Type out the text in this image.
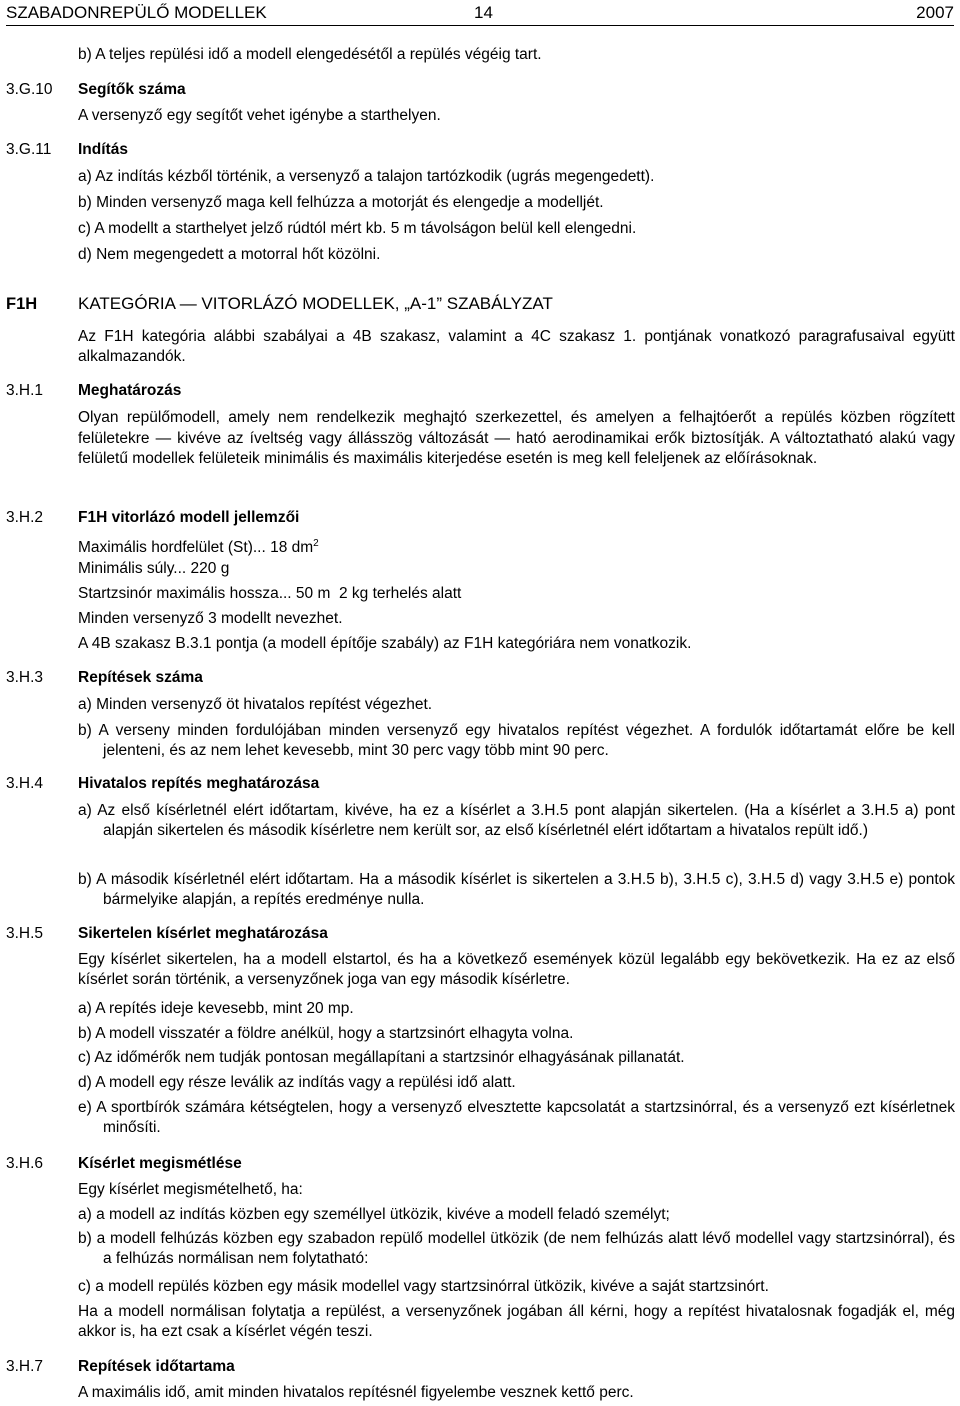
SZABADONREPÜLŐ MODELLEK	14	2007
b) A teljes repülési idő a modell elengedésétől a repülés végéig tart.
3.G.10 Segítők száma
A versenyző egy segítőt vehet igénybe a starthelyen.
3.G.11 Indítás
a) Az indítás kézből történik, a versenyző a talajon tartózkodik (ugrás megengedett).
b) Minden versenyző maga kell felhúzza a motorját és elengedje a modelljét.
c) A modellt a starthelyet jelző rúdtól mért kb. 5 m távolságon belül kell elengedni.
d) Nem megengedett a motorral hőt közölni.
F1H KATEGÓRIA — VITORLÁZÓ MODELLEK, „A-1” SZABÁLYZAT
Az F1H kategória alábbi szabályai a 4B szakasz, valamint a 4C szakasz 1. pontjának vonatkozó paragrafusaival együtt alkalmazandók.
3.H.1 Meghatározás
Olyan repülőmodell, amely nem rendelkezik meghajtó szerkezettel, és amelyen a felhajtóerőt a repülés közben rögzített felületekre — kivéve az íveltség vagy állásszög változását — ható aerodinamikai erők biztosítják. A változtatható alakú vagy felületű modellek felületeik minimális és maximális kiterjedése esetén is meg kell feleljenek az előírásoknak.
3.H.2 F1H vitorlázó modell jellemzői
Maximális hordfelület (St)... 18 $dm^2$
Minimális súly... 220 g
Startzsinór maximális hossza... 50 m  2 kg terhelés alatt
Minden versenyző 3 modellt nevezhet.
A 4B szakasz B.3.1 pontja (a modell építője szabály) az F1H kategóriára nem vonatkozik.
3.H.3 Repítések száma
a) Minden versenyző öt hivatalos repítést végezhet.
b) A verseny minden fordulójában minden versenyző egy hivatalos repítést végezhet. A fordulók időtartamát előre be kell jelenteni, és az nem lehet kevesebb, mint 30 perc vagy több mint 90 perc.
3.H.4 Hivatalos repítés meghatározása
a) Az első kísérletnél elért időtartam, kivéve, ha ez a kísérlet a 3.H.5 pont alapján sikertelen. (Ha a kísérlet a 3.H.5 a) pont alapján sikertelen és második kísérletre nem került sor, az első kísérletnél elért időtartam a hivatalos repült idő.)
b) A második kísérletnél elért időtartam. Ha a második kísérlet is sikertelen a 3.H.5 b), 3.H.5 c), 3.H.5 d) vagy 3.H.5 e) pontok bármelyike alapján, a repítés eredménye nulla.
3.H.5 Sikertelen kísérlet meghatározása
Egy kísérlet sikertelen, ha a modell elstartol, és ha a következő események közül legalább egy bekövetkezik. Ha ez az első kísérlet során történik, a versenyzőnek joga van egy második kísérletre.
a) A repítés ideje kevesebb, mint 20 mp.
b) A modell visszatér a földre anélkül, hogy a startzsinórt elhagyta volna.
c) Az időmérők nem tudják pontosan megállapítani a startzsinór elhagyásának pillanatát.
d) A modell egy része leválik az indítás vagy a repülési idő alatt.
e) A sportbírók számára kétségtelen, hogy a versenyző elvesztette kapcsolatát a startzsinórral, és a versenyző ezt kísérletnek minősíti.
3.H.6 Kísérlet megismétlése
Egy kísérlet megismételhető, ha:
a) a modell az indítás közben egy személlyel ütközik, kivéve a modell feladó személyt;
b) a modell felhúzás közben egy szabadon repülő modellel ütközik (de nem felhúzás alatt lévő modellel vagy startzsinórral), és a felhúzás normálisan nem folytatható:
c) a modell repülés közben egy másik modellel vagy startzsinórral ütközik, kivéve a saját startzsinórt.
Ha a modell normálisan folytatja a repülést, a versenyzőnek jogában áll kérni, hogy a repítést hivatalosnak fogadják el, még akkor is, ha ezt csak a kísérlet végén teszi.
3.H.7 Repítések időtartama
A maximális idő, amit minden hivatalos repítésnél figyelembe vesznek kettő perc.
